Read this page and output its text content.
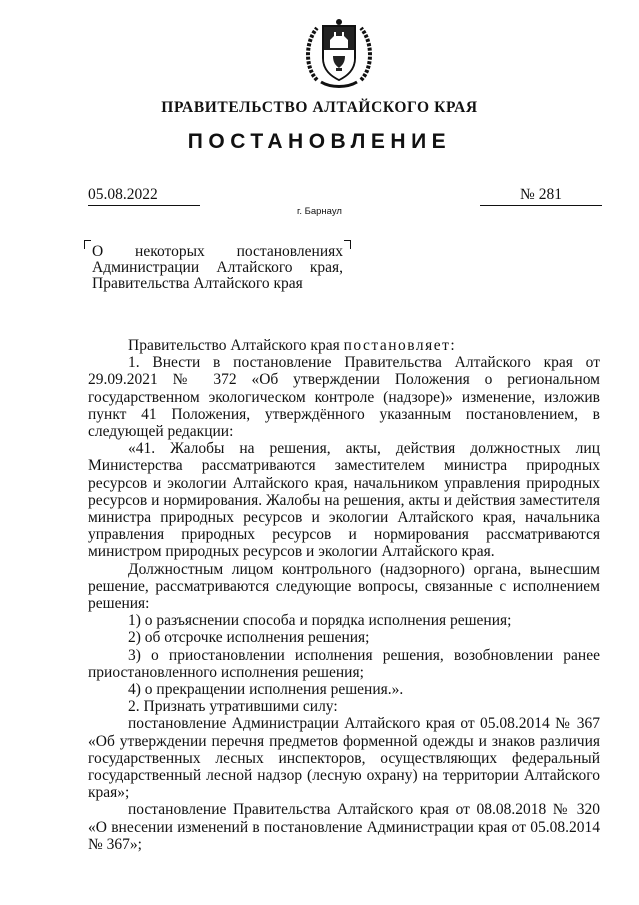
ПРАВИТЕЛЬСТВО АЛТАЙСКОГО КРАЯ
ПОСТАНОВЛЕНИЕ
05.08.2022	№ 281
г. Барнаул
О некоторых постановлениях Администрации Алтайского края, Правительства Алтайского края

Правительство Алтайского края постановляет:

1. Внести в постановление Правительства Алтайского края от 29.09.2021 № 372 «Об утверждении Положения о региональном государственном экологическом контроле (надзоре)» изменение, изложив пункт 41 Положения, утверждённого указанным постановлением, в следующей редакции:

«41. Жалобы на решения, акты, действия должностных лиц Министерства рассматриваются заместителем министра природных ресурсов и экологии Алтайского края, начальником управления природных ресурсов и нормирования. Жалобы на решения, акты и действия заместителя министра природных ресурсов и экологии Алтайского края, начальника управления природных ресурсов и нормирования рассматриваются министром природных ресурсов и экологии Алтайского края.

Должностным лицом контрольного (надзорного) органа, вынесшим решение, рассматриваются следующие вопросы, связанные с исполнением решения:

1) о разъяснении способа и порядка исполнения решения;

2) об отсрочке исполнения решения;

3) о приостановлении исполнения решения, возобновлении ранее приостановленного исполнения решения;

4) о прекращении исполнения решения.».

2. Признать утратившими силу:

постановление Администрации Алтайского края от 05.08.2014 № 367 «Об утверждении перечня предметов форменной одежды и знаков различия государственных лесных инспекторов, осуществляющих федеральный государственный лесной надзор (лесную охрану) на территории Алтайского края»;

постановление Правительства Алтайского края от 08.08.2018 № 320 «О внесении изменений в постановление Администрации края от 05.08.2014 № 367»;
